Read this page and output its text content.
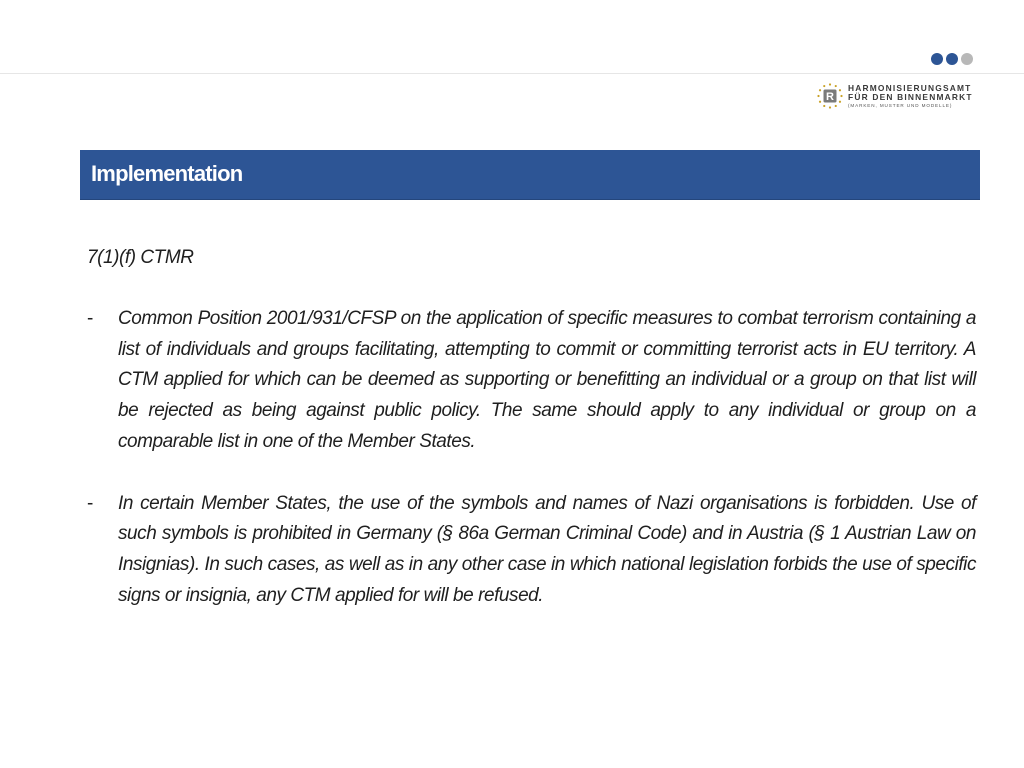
R
HARMONISIERUNGSAMT
FÜR DEN BINNENMARKT
(MARKEN, MUSTER UND MODELLE)
Implementation
7(1)(f) CTMR
- Common Position 2001/931/CFSP on the application of specific measures to combat terrorism containing a list of individuals and groups facilitating, attempting to commit or committing terrorist acts in EU territory. A CTM applied for which can be deemed as supporting or benefitting an individual or a group on that list will be rejected as being against public policy. The same should apply to any individual or group on a comparable list in one of the Member States.
- In certain Member States, the use of the symbols and names of Nazi organisations is forbidden. Use of such symbols is prohibited in Germany (§ 86a German Criminal Code) and in Austria (§ 1 Austrian Law on Insignias). In such cases, as well as in any other case in which national legislation forbids the use of specific signs or insignia, any CTM applied for will be refused.
